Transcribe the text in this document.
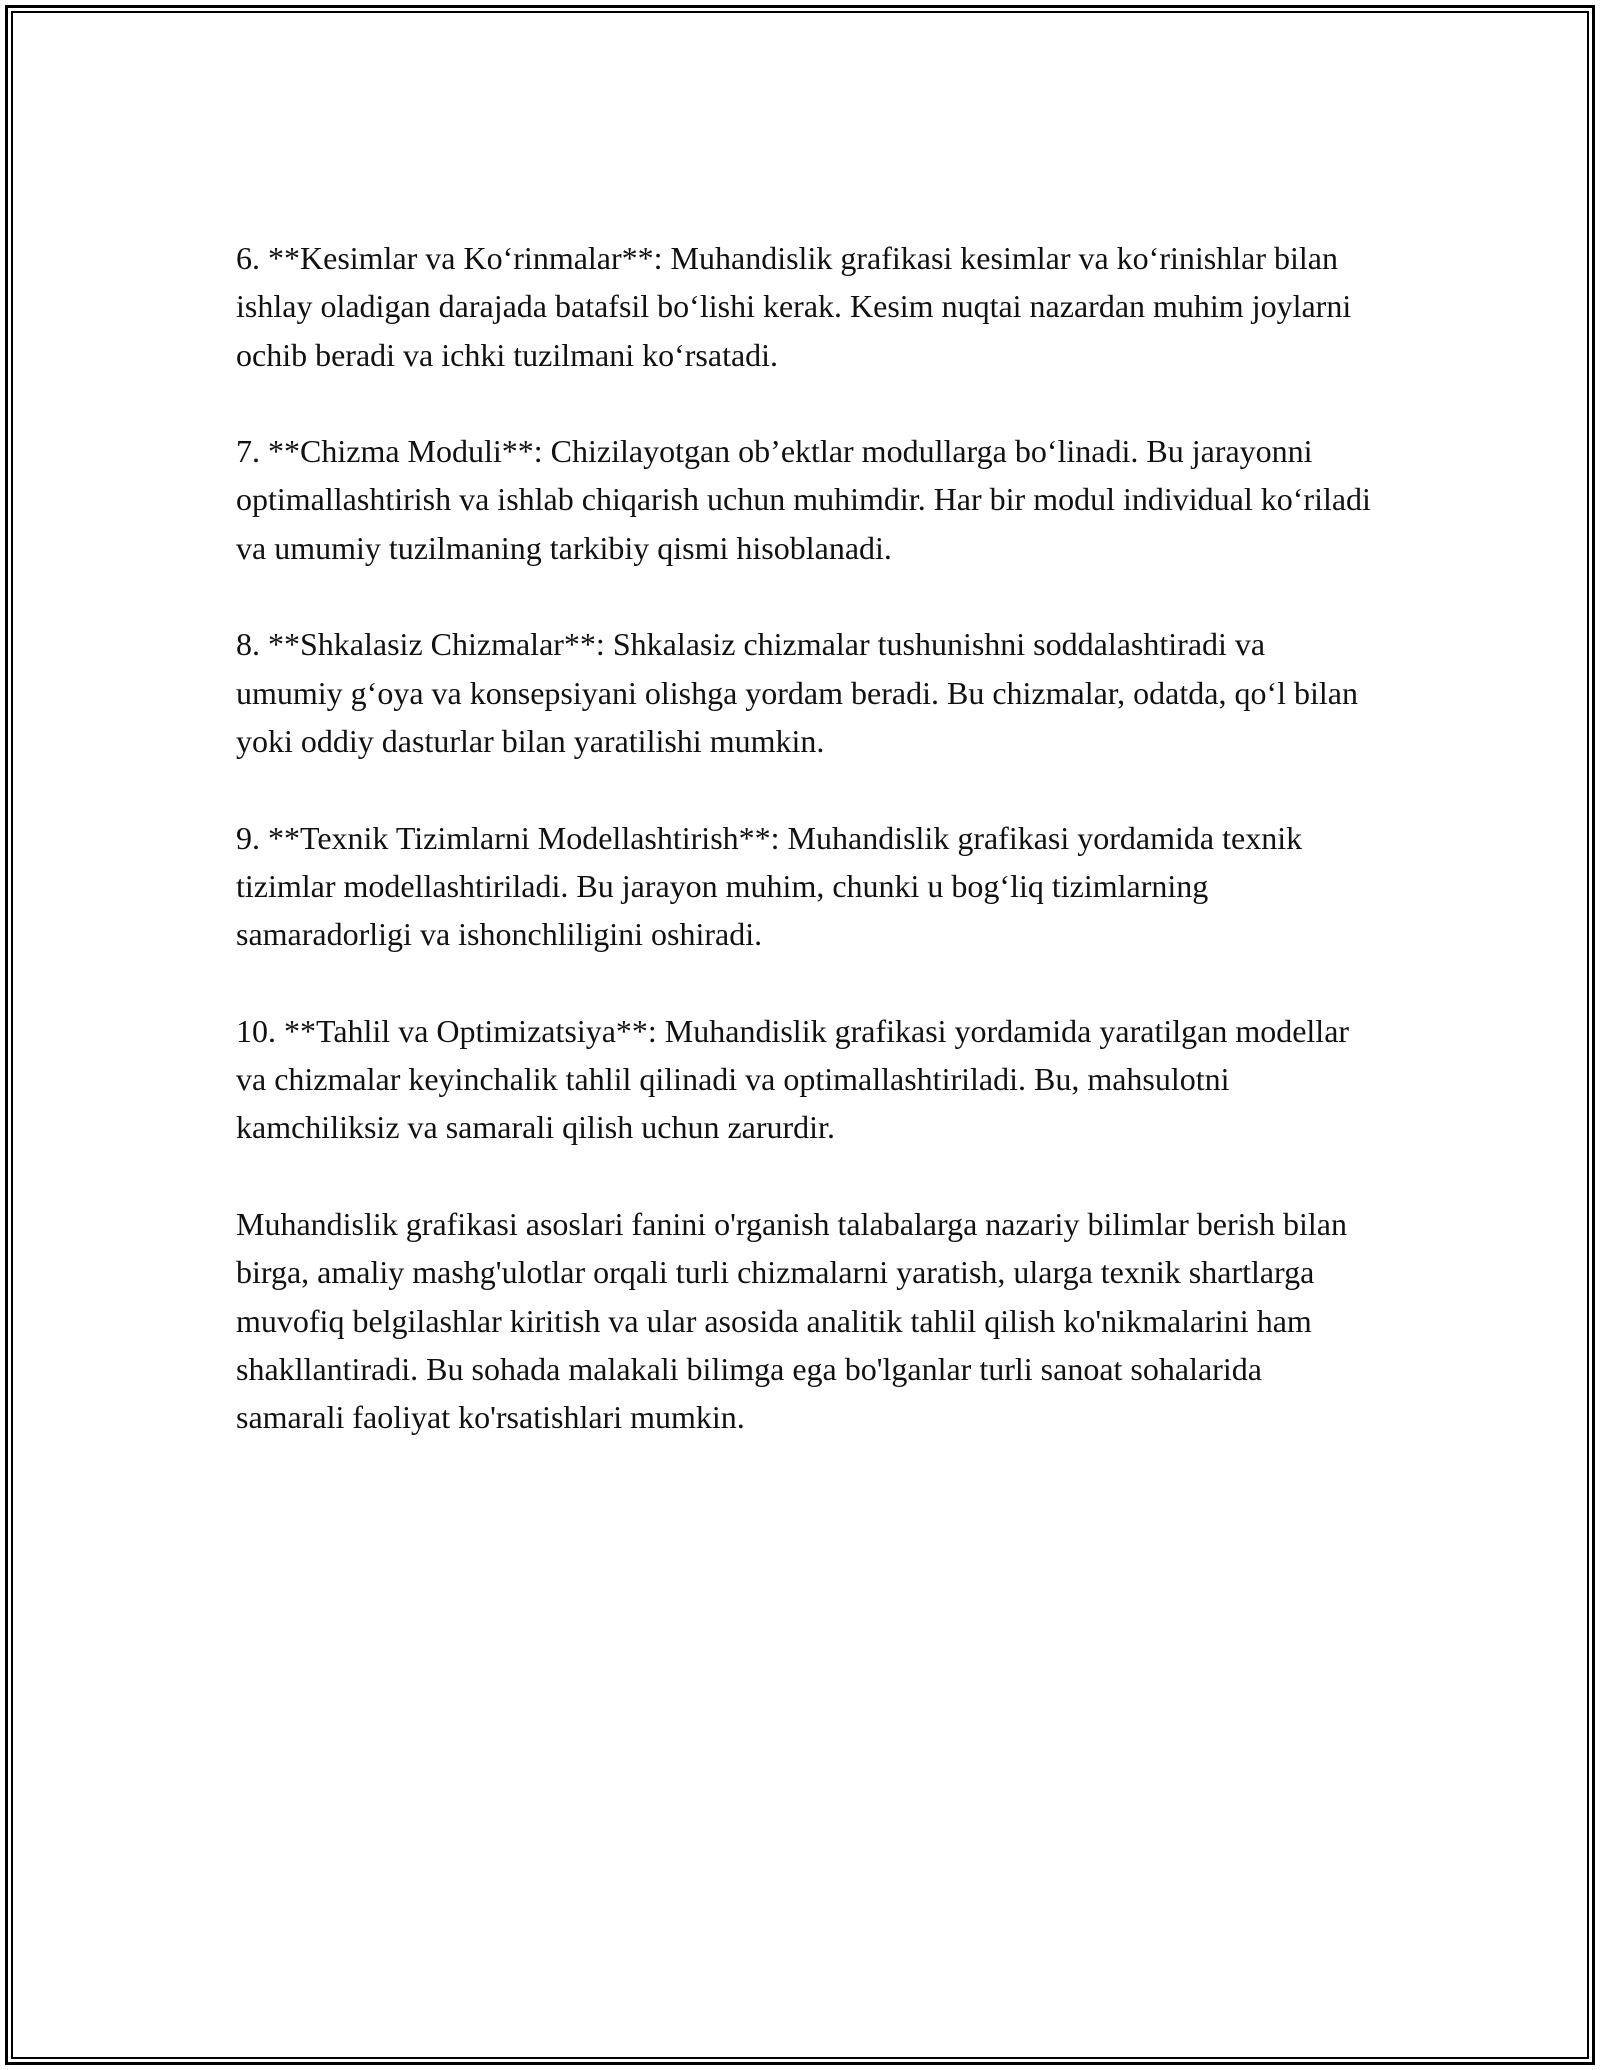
6. **Kesimlar va Ko‘rinmalar**: Muhandislik grafikasi kesimlar va ko‘rinishlar bilan ishlay oladigan darajada batafsil bo‘lishi kerak. Kesim nuqtai nazardan muhim joylarni ochib beradi va ichki tuzilmani ko‘rsatadi.

7. **Chizma Moduli**: Chizilayotgan ob’ektlar modullarga bo‘linadi. Bu jarayonni optimallashtirish va ishlab chiqarish uchun muhimdir. Har bir modul individual ko‘riladi va umumiy tuzilmaning tarkibiy qismi hisoblanadi.

8. **Shkalasiz Chizmalar**: Shkalasiz chizmalar tushunishni soddalashtiradi va umumiy g‘oya va konsepsiyani olishga yordam beradi. Bu chizmalar, odatda, qo‘l bilan yoki oddiy dasturlar bilan yaratilishi mumkin.

9. **Texnik Tizimlarni Modellashtirish**: Muhandislik grafikasi yordamida texnik tizimlar modellashtiriladi. Bu jarayon muhim, chunki u bog‘liq tizimlarning samaradorligi va ishonchliligini oshiradi.

10. **Tahlil va Optimizatsiya**: Muhandislik grafikasi yordamida yaratilgan modellar va chizmalar keyinchalik tahlil qilinadi va optimallashtiriladi. Bu, mahsulotni kamchiliksiz va samarali qilish uchun zarurdir.

Muhandislik grafikasi asoslari fanini o'rganish talabalarga nazariy bilimlar berish bilan birga, amaliy mashg'ulotlar orqali turli chizmalarni yaratish, ularga texnik shartlarga muvofiq belgilashlar kiritish va ular asosida analitik tahlil qilish ko'nikmalarini ham shakllantiradi. Bu sohada malakali bilimga ega bo'lganlar turli sanoat sohalarida samarali faoliyat ko'rsatishlari mumkin.
